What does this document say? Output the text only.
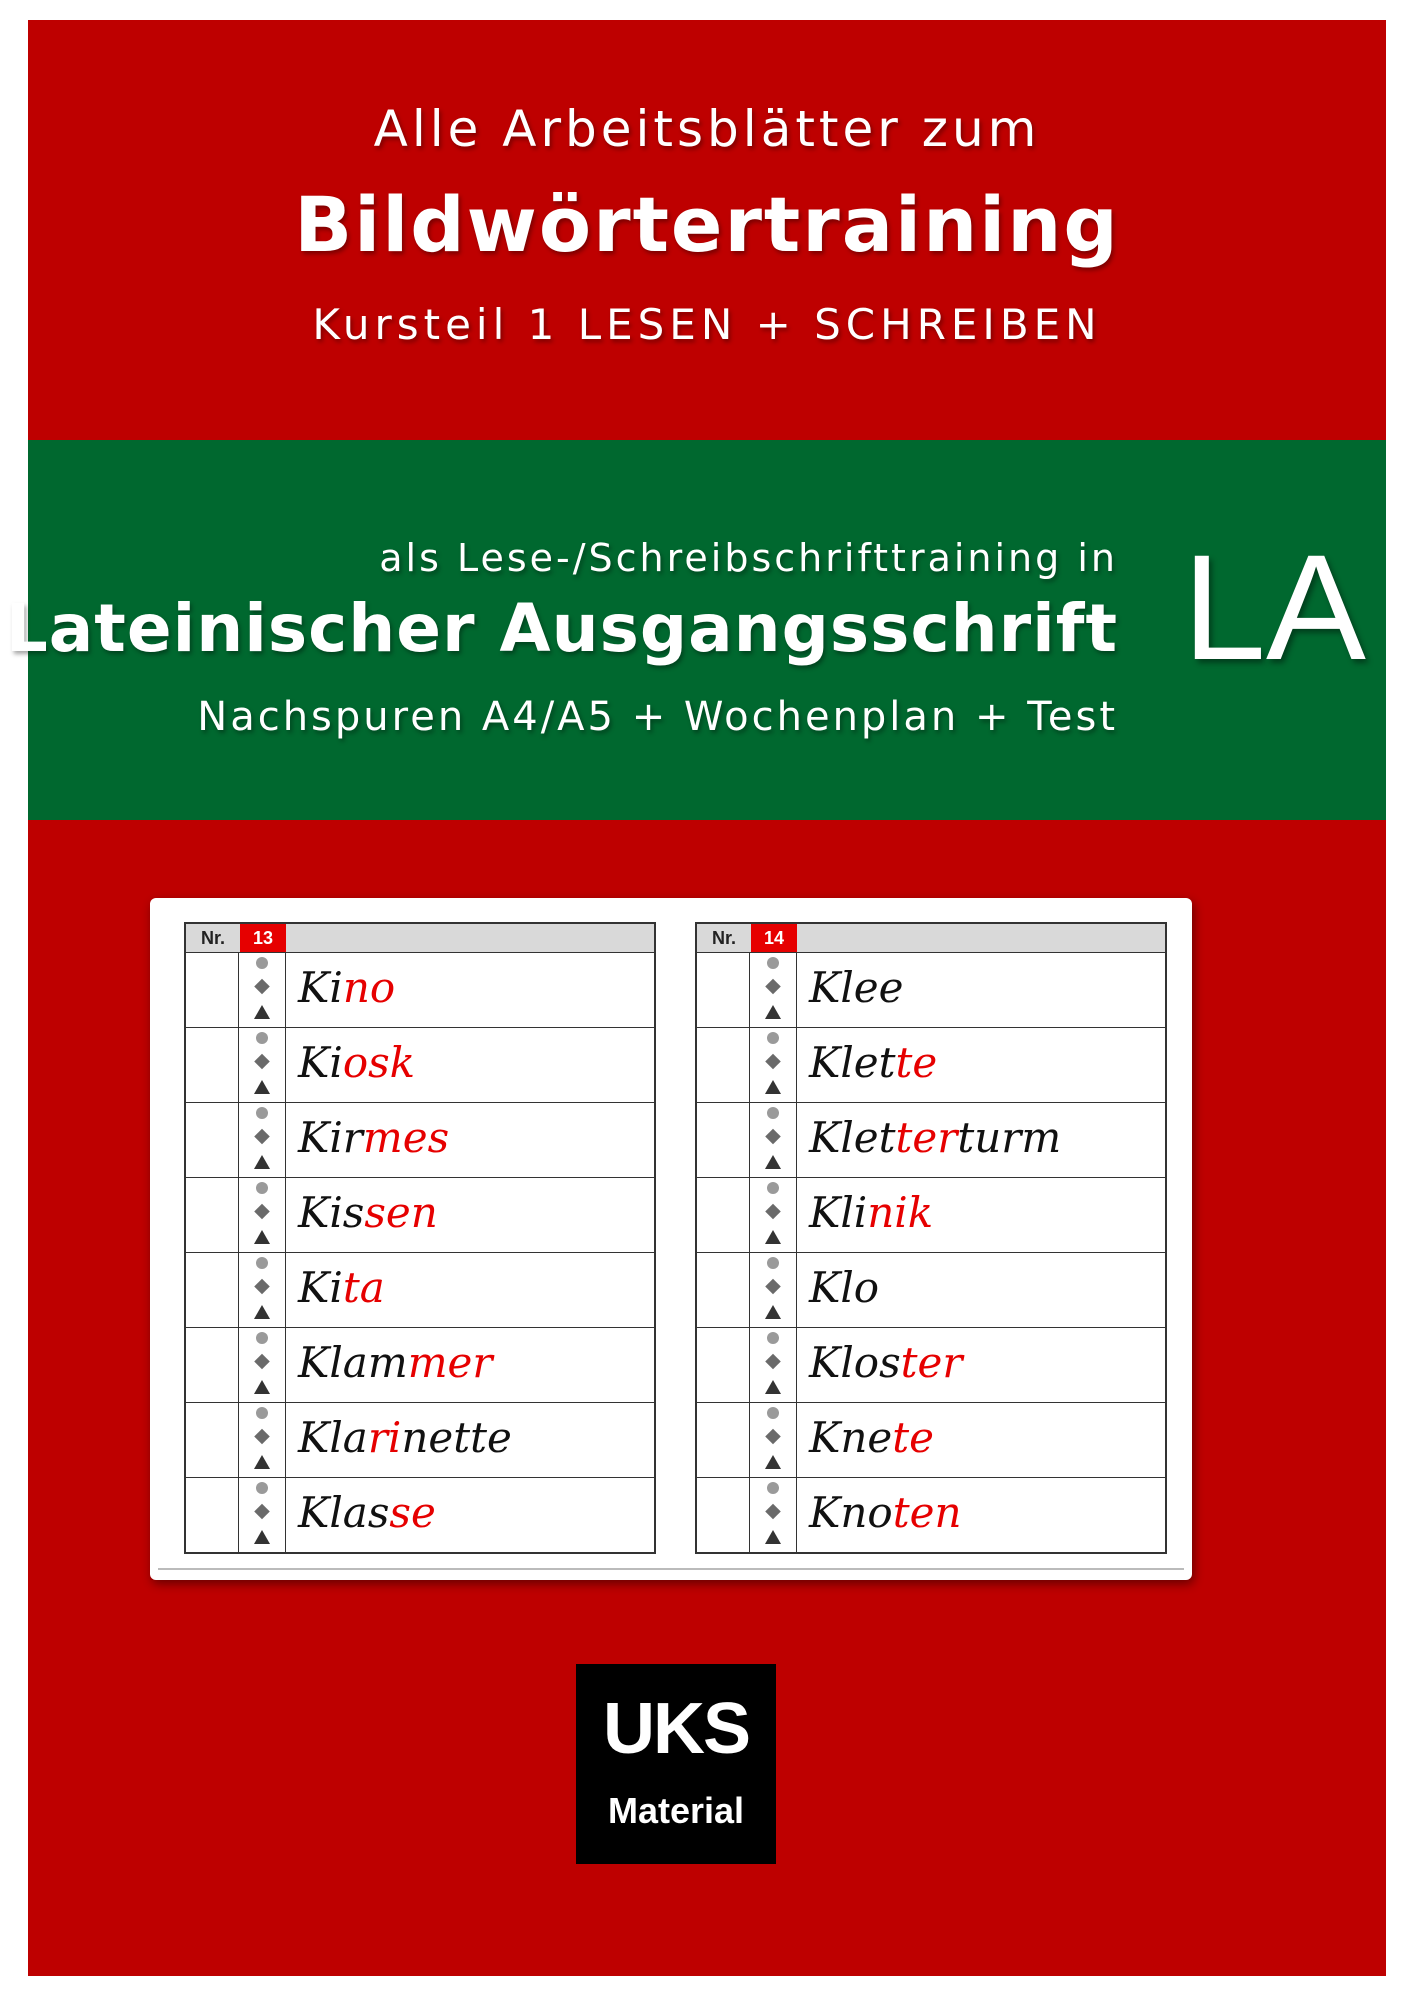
Alle Arbeitsblätter zum
Bildwörtertraining
Kursteil 1 LESEN + SCHREIBEN
als Lese-/Schreibschrifttraining in
Lateinischer Ausgangsschrift
Nachspuren A4/A5 + Wochenplan + Test
LA
Nr.	13
Kino
Kiosk
Kirmes
Kissen
Kita
Klammer
Klarinette
Klasse
Nr.	14
Klee
Klette
Kletterturm
Klinik
Klo
Kloster
Knete
Knoten
UKS
Material
